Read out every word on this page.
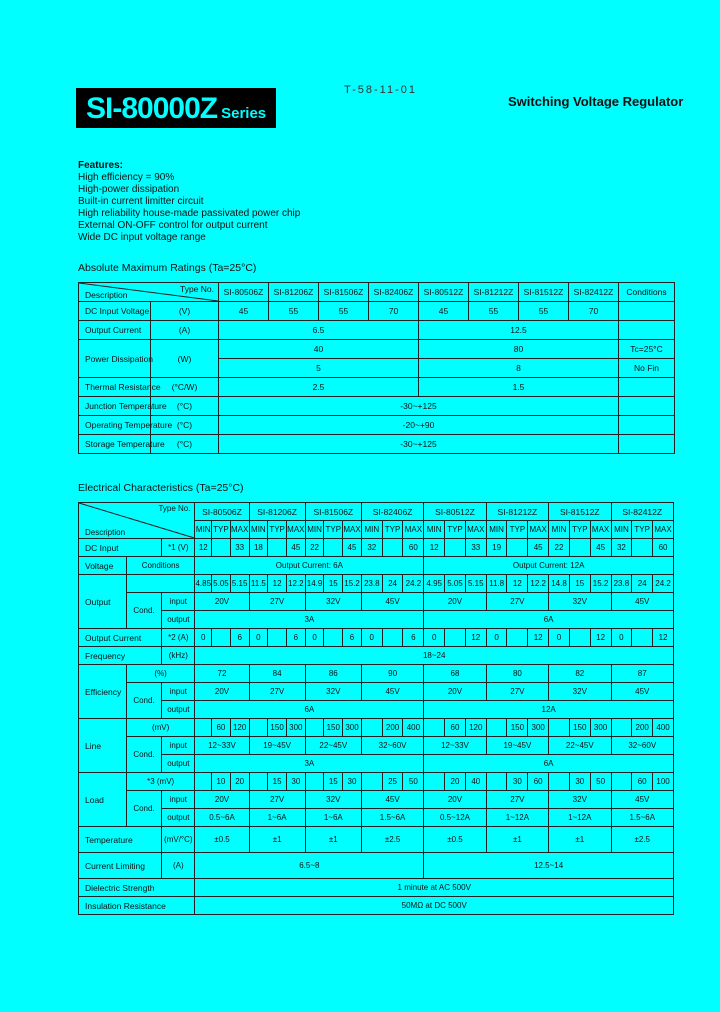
SI-80000Z Series
T-58-11-01
Switching Voltage Regulator
Features:
High efficiency = 90%
High-power dissipation
Built-in current limitter circuit
High reliability house-made passivated power chip
External ON-OFF control for output current
Wide DC input voltage range
Absolute Maximum Ratings (Ta=25°C)
Type No.
Description		SI-80506Z	SI-81206Z	SI-81506Z	SI-82406Z	SI-80512Z	SI-81212Z	SI-81512Z	SI-82412Z	Conditions
DC Input Voltage	(V)	45	55	55	70	45	55	55	70	
Output Current	(A)	6.5				12.5				
Power Dissipation	(W)	40				80				Tc=25°C
		5				8				No Fin
Thermal Resistance	(°C/W)	2.5				1.5				
Junction Temperature	(°C)	-30~+125								
Operating Temperature	(°C)	-20~+90								
Storage Temperature	(°C)	-30~+125								
Electrical Characteristics (Ta=25°C)
Type No.
Description			SI-80506Z			SI-81206Z			SI-81506Z			SI-82406Z			SI-80512Z			SI-81212Z			SI-81512Z			SI-82412Z		
			MIN	TYP	MAX	MIN	TYP	MAX	MIN	TYP	MAX	MIN	TYP	MAX	MIN	TYP	MAX	MIN	TYP	MAX	MIN	TYP	MAX	MIN	TYP	MAX
DC Input		*1 (V)	12		33	18		45	22		45	32		60	12		33	19		45	22		45	32		60
Voltage	Conditions		Output Current: 6A												Output Current: 12A											
Output			4.85	5.05	5.15	11.5	12	12.2	14.9	15	15.2	23.8	24	24.2	4.95	5.05	5.15	11.8	12	12.2	14.8	15	15.2	23.8	24	24.2
	Cond.	input	20V			27V			32V			45V			20V			27V			32V			45V		
		output	3A												6A											
Output Current		*2 (A)	0		6	0		6	0		6	0		6	0		12	0		12	0		12	0		12
Frequency		(kHz)	18~24																							
Efficiency	(%)		72			84			86			90			68			80			82			87		
	Cond.	input	20V			27V			32V			45V			20V			27V			32V			45V		
		output	6A												12A											
Line	(mV)			60	120		150	300		150	300		200	400		60	120		150	300		150	300		200	400
	Cond.	input	12~33V			19~45V			22~45V			32~60V			12~33V			19~45V			22~45V			32~60V		
		output	3A												6A											
Load	*3 (mV)			10	20		15	30		15	30		25	50		20	40		30	60		30	50		60	100
	Cond.	input	20V			27V			32V			45V			20V			27V			32V			45V		
		output	0.5~6A			1~6A			1~6A			1.5~6A			0.5~12A			1~12A			1~12A			1.5~6A		
Temperature		(mV/°C)	±0.5			±1			±1			±2.5			±0.5			±1			±1			±2.5		
Current Limiting		(A)	6.5~8												12.5~14											
Dielectric Strength			1 minute at AC 500V																							
Insulation Resistance			50MΩ at DC 500V																							
